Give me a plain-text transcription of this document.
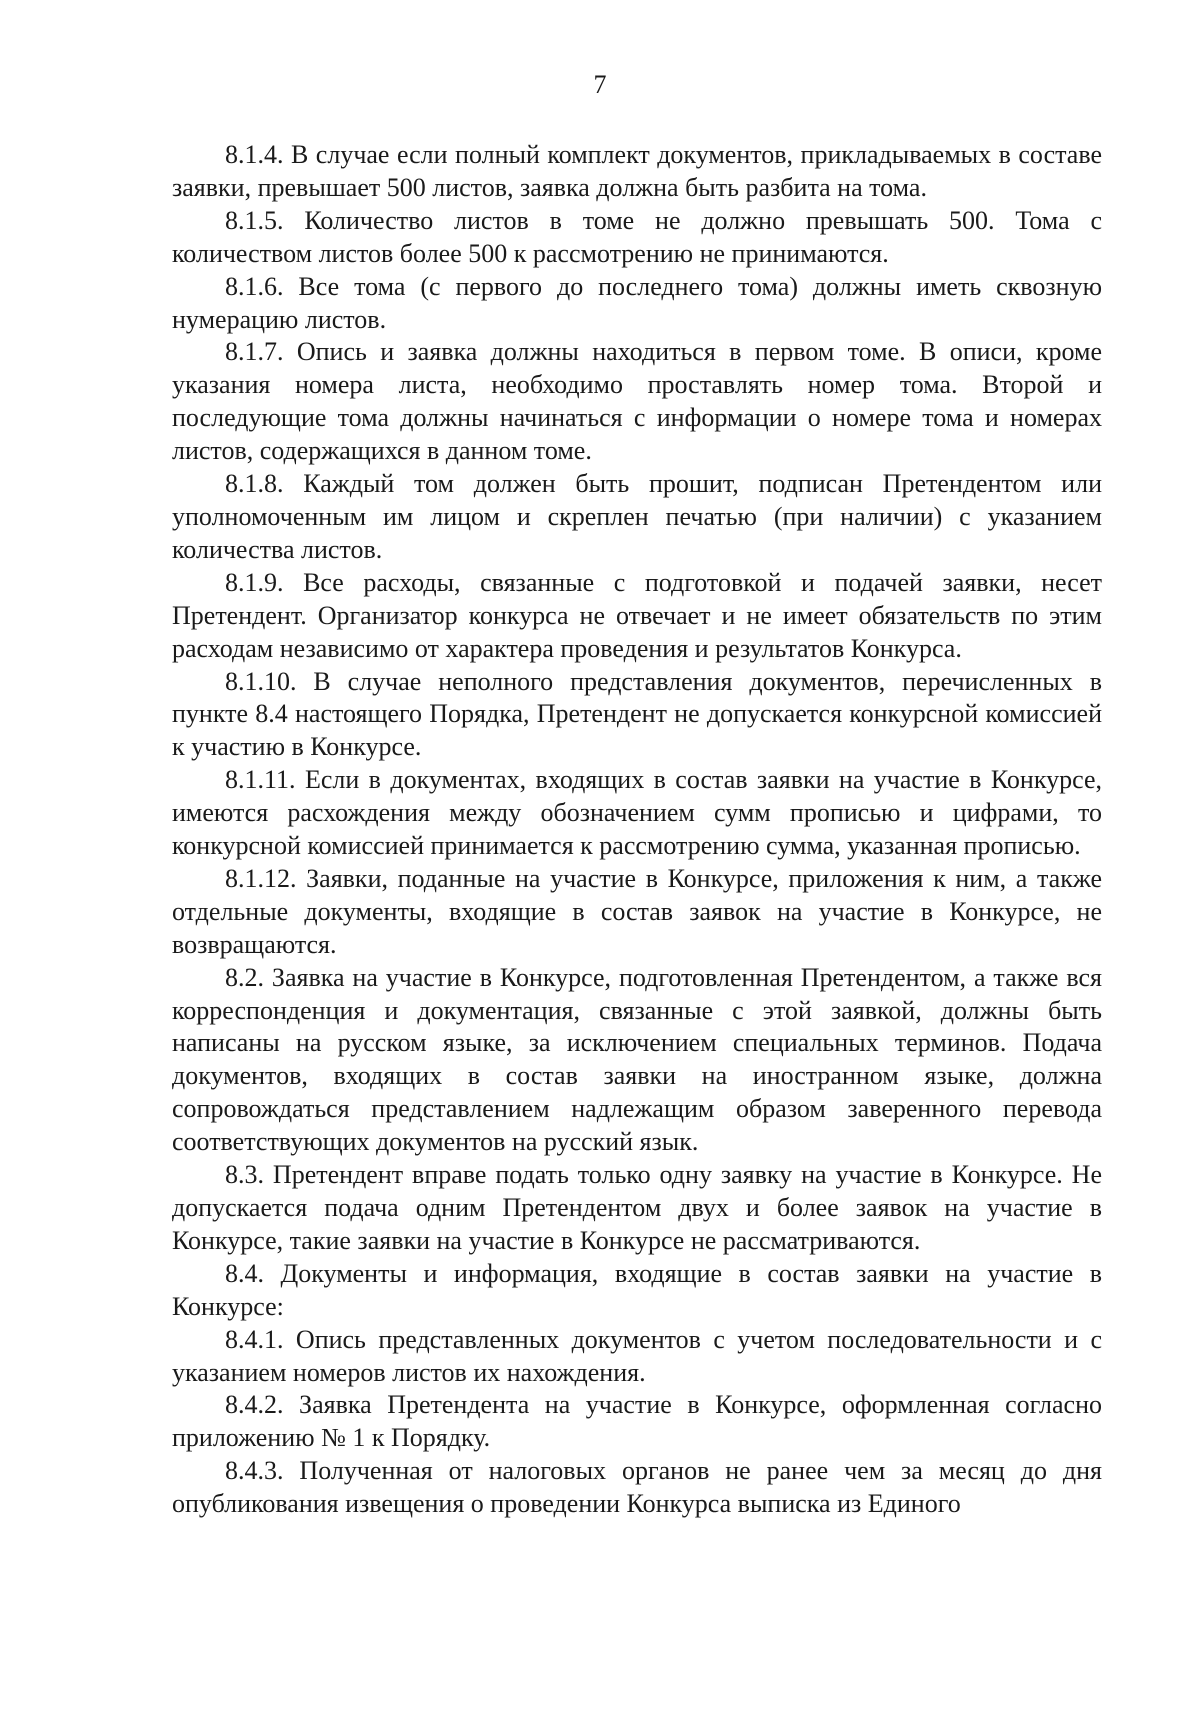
7

8.1.4. В случае если полный комплект документов, прикладываемых в составе заявки, превышает 500 листов, заявка должна быть разбита на тома.

8.1.5. Количество листов в томе не должно превышать 500. Тома с количеством листов более 500 к рассмотрению не принимаются.

8.1.6. Все тома (с первого до последнего тома) должны иметь сквозную нумерацию листов.

8.1.7. Опись и заявка должны находиться в первом томе. В описи, кроме указания номера листа, необходимо проставлять номер тома. Второй и последующие тома должны начинаться с информации о номере тома и номерах листов, содержащихся в данном томе.

8.1.8. Каждый том должен быть прошит, подписан Претендентом или уполномоченным им лицом и скреплен печатью (при наличии) с указанием количества листов.

8.1.9. Все расходы, связанные с подготовкой и подачей заявки, несет Претендент. Организатор конкурса не отвечает и не имеет обязательств по этим расходам независимо от характера проведения и результатов Конкурса.

8.1.10. В случае неполного представления документов, перечисленных в пункте 8.4 настоящего Порядка, Претендент не допускается конкурсной комиссией к участию в Конкурсе.

8.1.11. Если в документах, входящих в состав заявки на участие в Конкурсе, имеются расхождения между обозначением сумм прописью и цифрами, то конкурсной комиссией принимается к рассмотрению сумма, указанная прописью.

8.1.12. Заявки, поданные на участие в Конкурсе, приложения к ним, а также отдельные документы, входящие в состав заявок на участие в Конкурсе, не возвращаются.

8.2. Заявка на участие в Конкурсе, подготовленная Претендентом, а также вся корреспонденция и документация, связанные с этой заявкой, должны быть написаны на русском языке, за исключением специальных терминов. Подача документов, входящих в состав заявки на иностранном языке, должна сопровождаться представлением надлежащим образом заверенного перевода соответствующих документов на русский язык.

8.3. Претендент вправе подать только одну заявку на участие в Конкурсе. Не допускается подача одним Претендентом двух и более заявок на участие в Конкурсе, такие заявки на участие в Конкурсе не рассматриваются.

8.4. Документы и информация, входящие в состав заявки на участие в Конкурсе:

8.4.1. Опись представленных документов с учетом последовательности и с указанием номеров листов их нахождения.

8.4.2. Заявка Претендента на участие в Конкурсе, оформленная согласно приложению № 1 к Порядку.

8.4.3. Полученная от налоговых органов не ранее чем за месяц до дня опубликования извещения о проведении Конкурса выписка из Единого
